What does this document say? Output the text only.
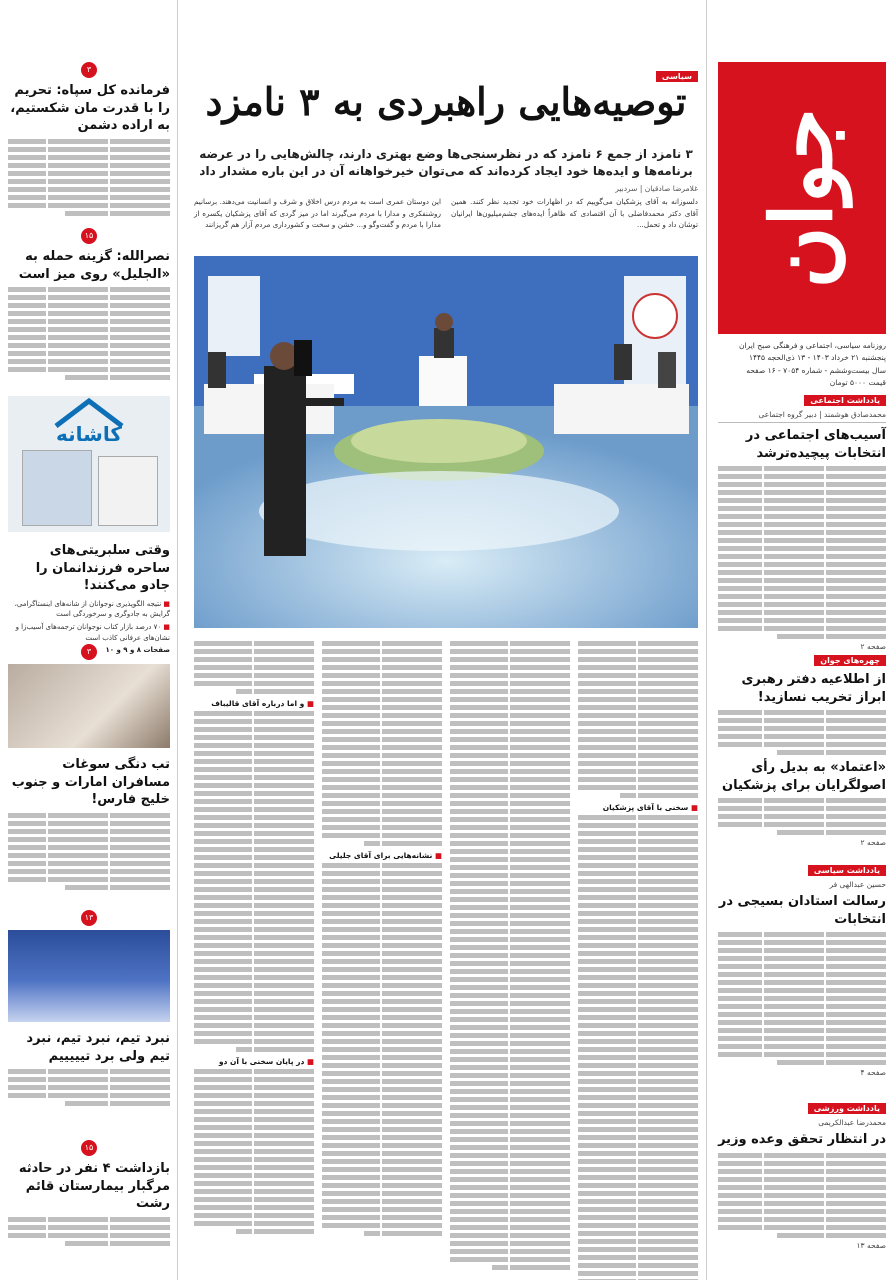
جوان

روزنامه سیاسی، اجتماعی و فرهنگی صبح ایران

پنجشنبه ۲۱ خرداد ۱۴۰۳ - ۱۳ ذی‌الحجه ۱۴۴۵

سال بیست‌وششم - شماره ۷۰۵۴ - ۱۶ صفحه

قیمت ۵۰۰۰ تومان

یادداشت اجتماعی
محمدصادق هوشمند | دبیر گروه اجتماعی
آسیب‌های اجتماعی در انتخابات پیچیده‌ترشد
صفحه ۲
چهره‌های جوان
از اطلاعیه دفتر رهبری ابراز تخریب نسازید!
«اعتماد» به بدیل رأی اصولگرایان برای پزشکیان
صفحه ۲
یادداشت سیاسی
حسین عبدالهی فر
رسالت استادان بسیجی در انتخابات
صفحه ۴
یادداشت ورزشی
محمدرضا عبدالکریمی
در انتظار تحقق وعده وزیر
صفحه ۱۳
سیاسی
توصیه‌هایی راهبردی به ۳ نامزد

۳ نامزد از جمع ۶ نامزد که در نظرسنجی‌ها وضع بهتری دارند، چالش‌هایی را در عرضه برنامه‌ها و ایده‌ها خود ایجاد کرده‌اند که می‌توان خیرخواهانه آن در این باره مشدار داد

غلامرضا صادقیان | سردبیر
دلسوزانه به آقای پزشکیان می‌گوییم که در اظهارات خود تجدید نظر کنند. همین آقای دکتر محمدفاضلی با آن اقتصادی که ظاهراً ایده‌های جشم‌میلیون‌ها ایرانیان توشان داد و تحمل...
این دوستان عمری است به مردم درس اخلاق و شرف و انسانیت می‌دهند. برسانیم روشنفکری و مدارا با مردم می‌گیرند اما در میز گردی که آقای پزشکیان یکسره از مدارا با مردم و گفت‌وگو و... خشن و سخت و کشورداری مردم آزار هم گریزانند
■ سخنی با آقای پزشکیان
■ نشانه‌هایی برای آقای جلیلی
■ و اما درباره آقای قالیباف
■ در پایان سخنی با آن دو
۳
فرمانده کل سپاه: تحریم را با قدرت مان شکستیم، به اراده دشمن
۱۵
نصرالله: گزینه حمله به «الجلیل» روی میز است
کاشانه
وقتی سلبریتی‌های ساحره فرزندانمان را جادو می‌کنند!
■ نتیجه الگوپذیری نوجوانان از شانه‌های اینستاگرامی، گرایش به جادوگری و سرخوردگی است
■ ۷۰ درصد بازار کتاب نوجوانان ترجمه‌های آسیب‌زا و نشان‌های عرفانی کاذب است
صفحات ۸ و ۹ و ۱۰
۳
تب دنگی سوغات مسافران امارات و جنوب خلیج فارس!
۱۳
نبرد تیم، نبرد تیم، نبرد تیم ولی برد تیییییم
۱۵
بازداشت ۴ نفر در حادثه مرگبار بیمارستان قائم رشت
